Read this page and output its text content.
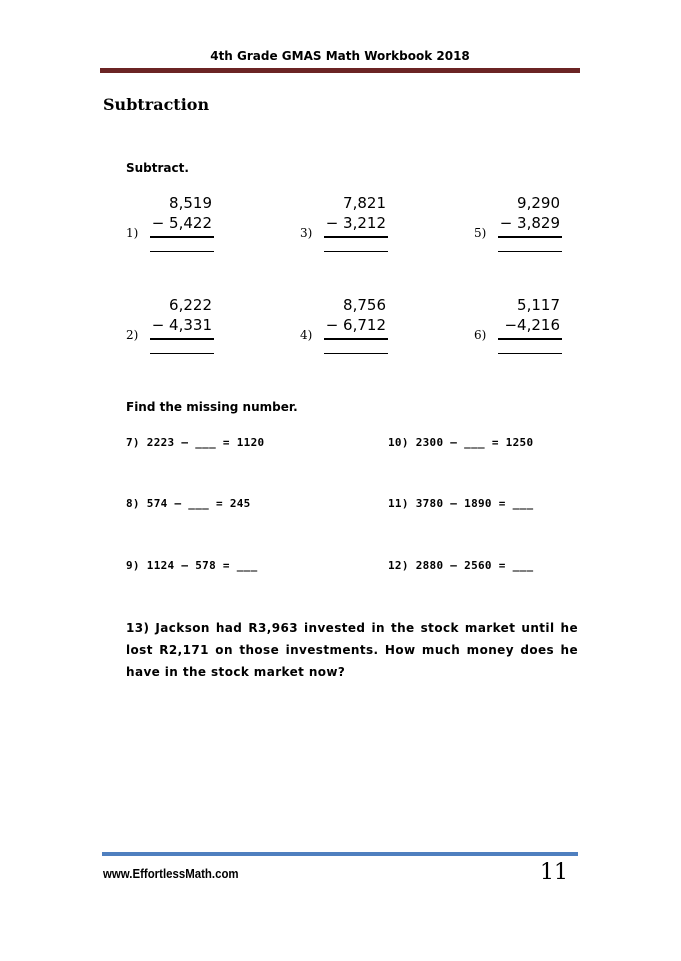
4th Grade GMAS Math Workbook 2018
Subtraction
Subtract.
1)
8,519
− 5,422
3)
7,821
− 3,212
5)
9,290
− 3,829
2)
6,222
− 4,331
4)
8,756
− 6,712
6)
5,117
−4,216
Find the missing number.
7) 2223 – ___ = 1120
8) 574 – ___ = 245
9) 1124 – 578 = ___
10) 2300 – ___ = 1250
11) 3780 – 1890 = ___
12) 2880 – 2560 = ___
13) Jackson had R3,963 invested in the stock market until he lost R2,171 on those investments. How much money does he have in the stock market now?
www.EffortlessMath.com	11
